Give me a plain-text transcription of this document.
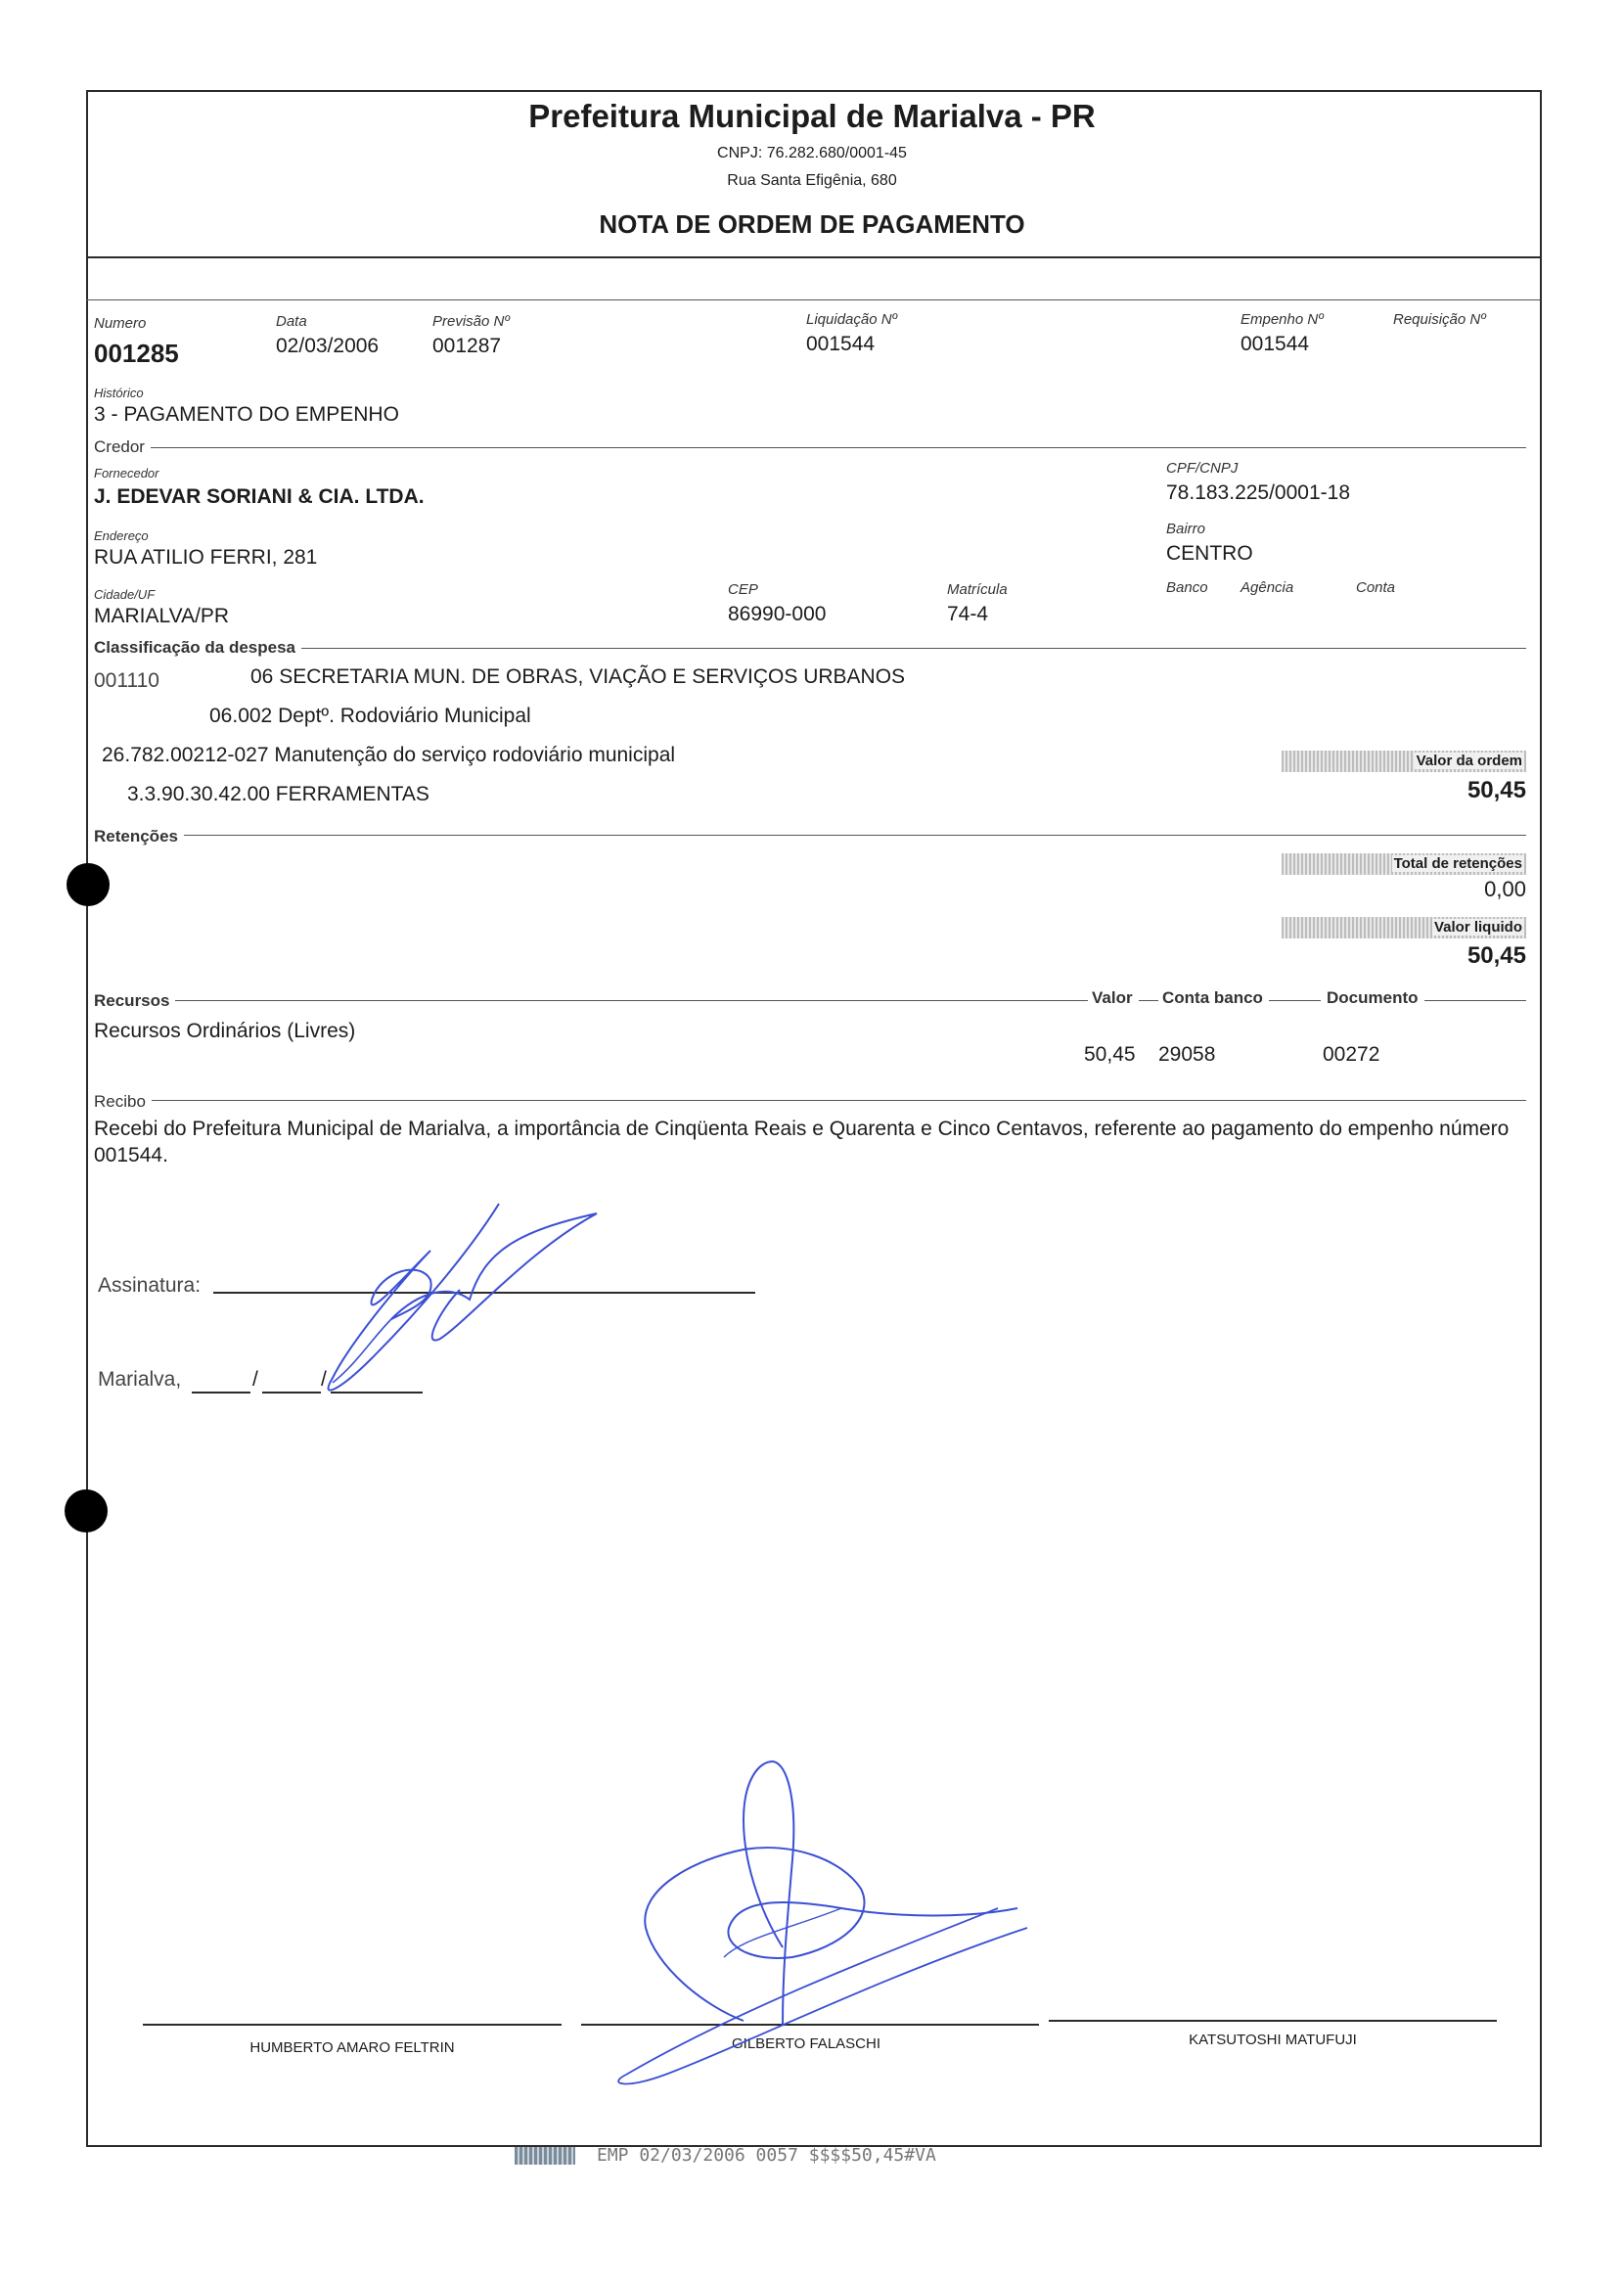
Prefeitura Municipal de Marialva - PR
CNPJ: 76.282.680/0001-45
Rua Santa Efigênia, 680
NOTA DE ORDEM DE PAGAMENTO
Numero
001285
Data
02/03/2006
Previsão Nº
001287
Liquidação Nº
001544
Empenho Nº
001544
Requisição Nº
Histórico
3 - PAGAMENTO DO EMPENHO
Credor
Fornecedor
J. EDEVAR SORIANI & CIA. LTDA.
CPF/CNPJ
78.183.225/0001-18
Endereço
RUA ATILIO FERRI, 281
Bairro
CENTRO
Cidade/UF
MARIALVA/PR
CEP
86990-000
Matrícula
74-4
Banco Agência	Conta
Classificação da despesa
001110	06 SECRETARIA MUN. DE OBRAS, VIAÇÃO E SERVIÇOS URBANOS
06.002 Deptº. Rodoviário Municipal
26.782.00212-027 Manutenção do serviço rodoviário municipal
3.3.90.30.42.00 FERRAMENTAS
Valor da ordem
50,45
Retenções
Total de retenções
0,00
Valor liquido
50,45
Recursos	Valor	Conta banco	Documento
Recursos Ordinários (Livres)
50,45 29058	00272
Recibo
Recebi do Prefeitura Municipal de Marialva, a importância de Cinqüenta Reais e Quarenta e Cinco Centavos, referente ao pagamento do empenho número 001544.
Assinatura:
Marialva,	/	/
HUMBERTO AMARO FELTRIN	GILBERTO FALASCHI	KATSUTOSHI MATUFUJI
EMP 02/03/2006 0057 $$$$50,45#VA
